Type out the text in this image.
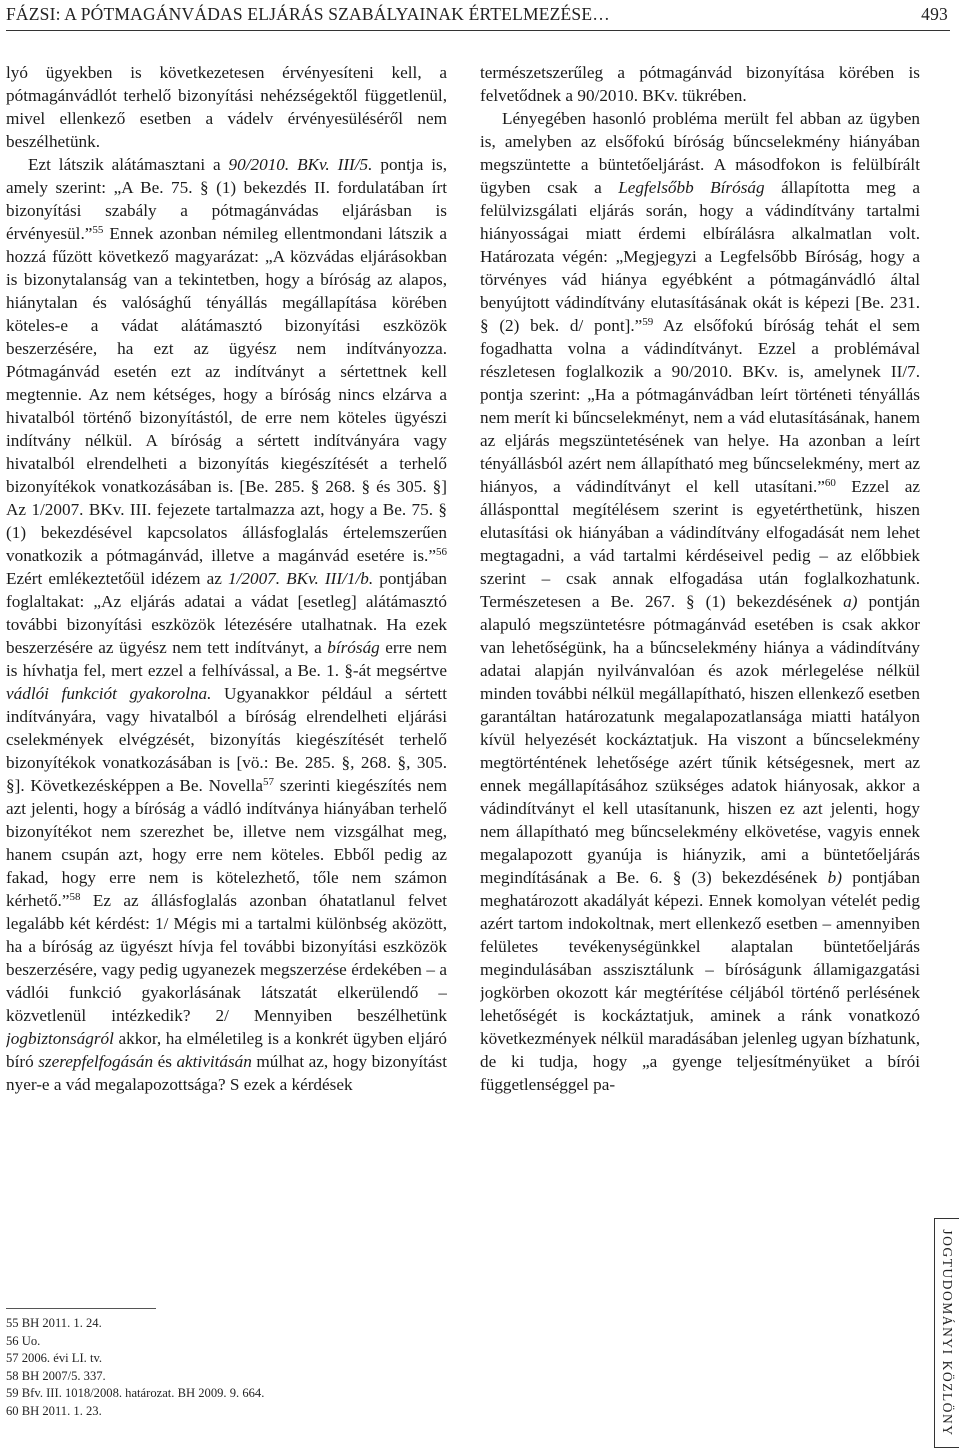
FÁZSI: A PÓTMAGÁNVÁDAS ELJÁRÁS SZABÁLYAINAK ÉRTELMEZÉSE…	493

lyó ügyekben is következetesen érvényesíteni kell, a pótmagánvádlót terhelő bizonyítási nehézségektől függetlenül, mivel ellenkező esetben a vádelv érvényesüléséről nem beszélhetünk.

Ezt látszik alátámasztani a 90/2010. BKv. III/5. pontja is, amely szerint: „A Be. 75. § (1) bekezdés II. fordulatában írt bizonyítási szabály a pótmagánvádas eljárásban is érvényesül.”$^{55}$ Ennek azonban némileg ellentmondani látszik a hozzá fűzött következő magyarázat: „A közvádas eljárásokban is bizonytalanság van a tekintetben, hogy a bíróság az alapos, hiánytalan és valósághű tényállás megállapítása körében köteles-e a vádat alátámasztó bizonyítási eszközök beszerzésére, ha ezt az ügyész nem indítványozza. Pótmagánvád esetén ezt az indítványt a sértettnek kell megtennie. Az nem kétséges, hogy a bíróság nincs elzárva a hivatalból történő bizonyítástól, de erre nem köteles ügyészi indítvány nélkül. A bíróság a sértett indítványára vagy hivatalból elrendelheti a bizonyítás kiegészítését a terhelő bizonyítékok vonatkozásában is. [Be. 285. § 268. § és 305. §] Az 1/2007. BKv. III. fejezete tartalmazza azt, hogy a Be. 75. § (1) bekezdésével kapcsolatos állásfoglalás értelemszerűen vonatkozik a pótmagánvád, illetve a magánvád esetére is.”$^{56}$ Ezért emlékeztetőül idézem az 1/2007. BKv. III/1/b. pontjában foglaltakat: „Az eljárás adatai a vádat [esetleg] alátámasztó további bizonyítási eszközök létezésére utalhatnak. Ha ezek beszerzésére az ügyész nem tett indítványt, a bíróság erre nem is hívhatja fel, mert ezzel a felhívással, a Be. 1. §-át megsértve vádlói funkciót gyakorolna. Ugyanakkor például a sértett indítványára, vagy hivatalból a bíróság elrendelheti eljárási cselekmények elvégzését, bizonyítás kiegészítését terhelő bizonyítékok vonatkozásában is [vö.: Be. 285. §, 268. §, 305. §]. Következésképpen a Be. Novella$^{57}$ szerinti kiegészítés nem azt jelenti, hogy a bíróság a vádló indítványa hiányában terhelő bizonyítékot nem szerezhet be, illetve nem vizsgálhat meg, hanem csupán azt, hogy erre nem köteles. Ebből pedig az fakad, hogy erre nem is kötelezhető, tőle nem számon kérhető.”$^{58}$ Ez az állásfoglalás azonban óhatatlanul felvet legalább két kérdést: 1/ Mégis mi a tartalmi különbség aközött, ha a bíróság az ügyészt hívja fel további bizonyítási eszközök beszerzésére, vagy pedig ugyanezek megszerzése érdekében – a vádlói funkció gyakorlásának látszatát elkerülendő – közvetlenül intézkedik? 2/ Mennyiben beszélhetünk jogbiztonságról akkor, ha elméletileg is a konkrét ügyben eljáró bíró szerepfelfogásán és aktivitásán múlhat az, hogy bizonyítást nyer-e a vád megalapozottsága? S ezek a kérdések

természetszerűleg a pótmagánvád bizonyítása körében is felvetődnek a 90/2010. BKv. tükrében.

Lényegében hasonló probléma merült fel abban az ügyben is, amelyben az elsőfokú bíróság bűncselekmény hiányában megszüntette a büntetőeljárást. A másodfokon is felülbírált ügyben csak a Legfelsőbb Bíróság állapította meg a felülvizsgálati eljárás során, hogy a vádindítvány tartalmi hiányosságai miatt érdemi elbírálásra alkalmatlan volt. Határozata végén: „Megjegyzi a Legfelsőbb Bíróság, hogy a törvényes vád hiánya egyébként a pótmagánvádló által benyújtott vádindítvány elutasításának okát is képezi [Be. 231. § (2) bek. d/ pont].”$^{59}$ Az elsőfokú bíróság tehát el sem fogadhatta volna a vádindítványt. Ezzel a problémával részletesen foglalkozik a 90/2010. BKv. is, amelynek II/7. pontja szerint: „Ha a pótmagánvádban leírt történeti tényállás nem merít ki bűncselekményt, nem a vád elutasításának, hanem az eljárás megszüntetésének van helye. Ha azonban a leírt tényállásból azért nem állapítható meg bűncselekmény, mert az hiányos, a vádindítványt el kell utasítani.”$^{60}$ Ezzel az állásponttal megítélésem szerint is egyetérthetünk, hiszen elutasítási ok hiányában a vádindítvány elfogadását nem lehet megtagadni, a vád tartalmi kérdéseivel pedig – az előbbiek szerint – csak annak elfogadása után foglalkozhatunk. Természetesen a Be. 267. § (1) bekezdésének a) pontján alapuló megszüntetésre pótmagánvád esetében is csak akkor van lehetőségünk, ha a bűncselekmény hiánya a vádindítvány adatai alapján nyilvánvalóan és azok mérlegelése nélkül minden további nélkül megállapítható, hiszen ellenkező esetben garantáltan határozatunk megalapozatlansága miatti hatályon kívül helyezését kockáztatjuk. Ha viszont a bűncselekmény megtörténtének lehetősége azért tűnik kétségesnek, mert az ennek megállapításához szükséges adatok hiányosak, akkor a vádindítványt el kell utasítanunk, hiszen ez azt jelenti, hogy nem állapítható meg bűncselekmény elkövetése, vagyis ennek megalapozott gyanúja is hiányzik, ami a büntetőeljárás megindításának a Be. 6. § (3) bekezdésének b) pontjában meghatározott akadályát képezi. Ennek komolyan vételét pedig azért tartom indokoltnak, mert ellenkező esetben – amennyiben felületes tevékenységünkkel alaptalan büntetőeljárás megindulásában asszisztálunk – bíróságunk államigazgatási jogkörben okozott kár megtérítése céljából történő perlésének lehetőségét is kockáztatjuk, aminek a ránk vonatkozó következmények nélkül maradásában jelenleg ugyan bízhatunk, de ki tudja, hogy „a gyenge teljesítményüket a bírói függetlenséggel pa-

55 BH 2011. 1. 24.
56 Uo.
57 2006. évi LI. tv.
58 BH 2007/5. 337.
59 Bfv. III. 1018/2008. határozat. BH 2009. 9. 664.
60 BH 2011. 1. 23.	JOGTUDOMÁNYI KÖZLÖNY
